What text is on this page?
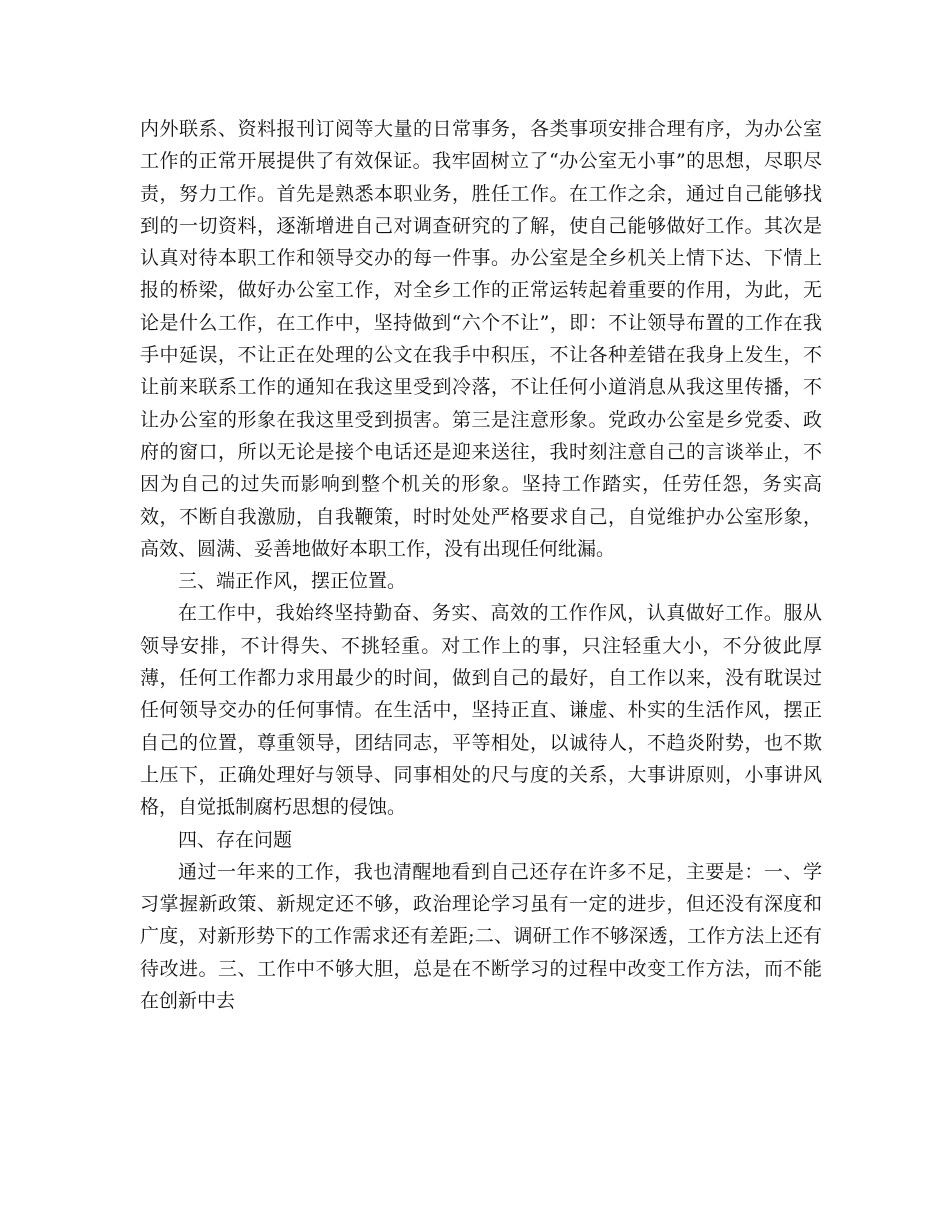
内外联系、资料报刊订阅等大量的日常事务，各类事项安排合理有序，为办公室工作的正常开展提供了有效保证。我牢固树立了“办公室无小事”的思想，尽职尽责，努力工作。首先是熟悉本职业务，胜任工作。在工作之余，通过自己能够找到的一切资料，逐渐增进自己对调查研究的了解，使自己能够做好工作。其次是认真对待本职工作和领导交办的每一件事。办公室是全乡机关上情下达、下情上报的桥梁，做好办公室工作，对全乡工作的正常运转起着重要的作用，为此，无论是什么工作，在工作中，坚持做到“六个不让”，即：不让领导布置的工作在我手中延误，不让正在处理的公文在我手中积压，不让各种差错在我身上发生，不让前来联系工作的通知在我这里受到冷落，不让任何小道消息从我这里传播，不让办公室的形象在我这里受到损害。第三是注意形象。党政办公室是乡党委、政府的窗口，所以无论是接个电话还是迎来送往，我时刻注意自己的言谈举止，不因为自己的过失而影响到整个机关的形象。坚持工作踏实，任劳任怨，务实高效，不断自我激励，自我鞭策，时时处处严格要求自己，自觉维护办公室形象，高效、圆满、妥善地做好本职工作，没有出现任何纰漏。

三、端正作风，摆正位置。

在工作中，我始终坚持勤奋、务实、高效的工作作风，认真做好工作。服从领导安排，不计得失、不挑轻重。对工作上的事，只注轻重大小，不分彼此厚薄，任何工作都力求用最少的时间，做到自己的最好，自工作以来，没有耽误过任何领导交办的任何事情。在生活中，坚持正直、谦虚、朴实的生活作风，摆正自己的位置，尊重领导，团结同志，平等相处，以诚待人，不趋炎附势，也不欺上压下，正确处理好与领导、同事相处的尺与度的关系，大事讲原则，小事讲风格，自觉抵制腐朽思想的侵蚀。

四、存在问题

通过一年来的工作，我也清醒地看到自己还存在许多不足，主要是：一、学习掌握新政策、新规定还不够，政治理论学习虽有一定的进步，但还没有深度和广度，对新形势下的工作需求还有差距;二、调研工作不够深透，工作方法上还有待改进。三、工作中不够大胆，总是在不断学习的过程中改变工作方法，而不能在创新中去
